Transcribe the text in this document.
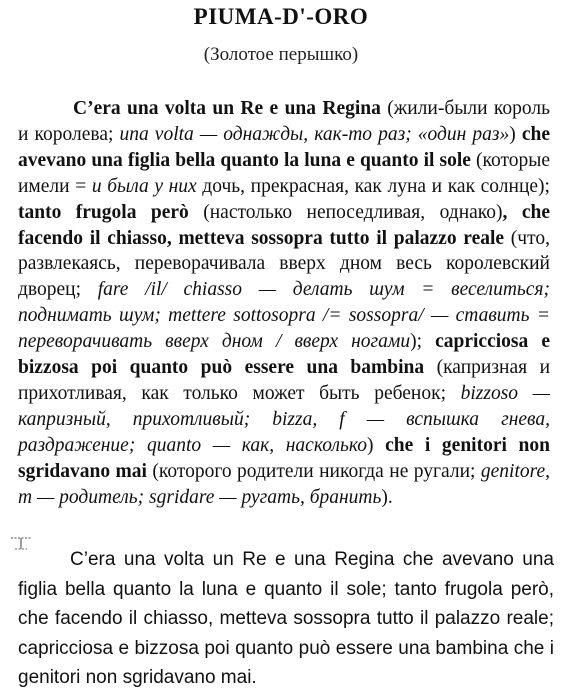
PIUMA-D'-ORO
(Золотое перышко)

C’era una volta un Re e una Regina (жили-были король и королева; una volta — однажды, как-то раз; «один раз») che avevano una figlia bella quanto la luna e quanto il sole (которые имели = и была у них дочь, прекрасная, как луна и как солнце); tanto frugola però (настолько непоседливая, однако), che facendo il chiasso, metteva sossopra tutto il palazzo reale (что, развлекаясь, переворачивала вверх дном весь королевский дворец; fare /il/ chiasso — делать шум = веселиться; поднимать шум; mettere sottosopra /= sossopra/ — ставить = переворачивать вверх дном / вверх ногами); capricciosa e bizzosa poi quanto può essere una bambina (капризная и прихотливая, как только может быть ребенок; bizzoso — капризный, прихотливый; bizza, f — вспышка гнева, раздражение; quanto — как, насколько) che i genitori non sgridavano mai (которого родители никогда не ругали; genitore, m — родитель; sgridare — ругать, бранить).

C’era una volta un Re e una Regina che avevano una figlia bella quanto la luna e quanto il sole; tanto frugola però, che facendo il chiasso, metteva sossopra tutto il palazzo reale; capricciosa e bizzosa poi quanto può essere una bambina che i genitori non sgridavano mai.
